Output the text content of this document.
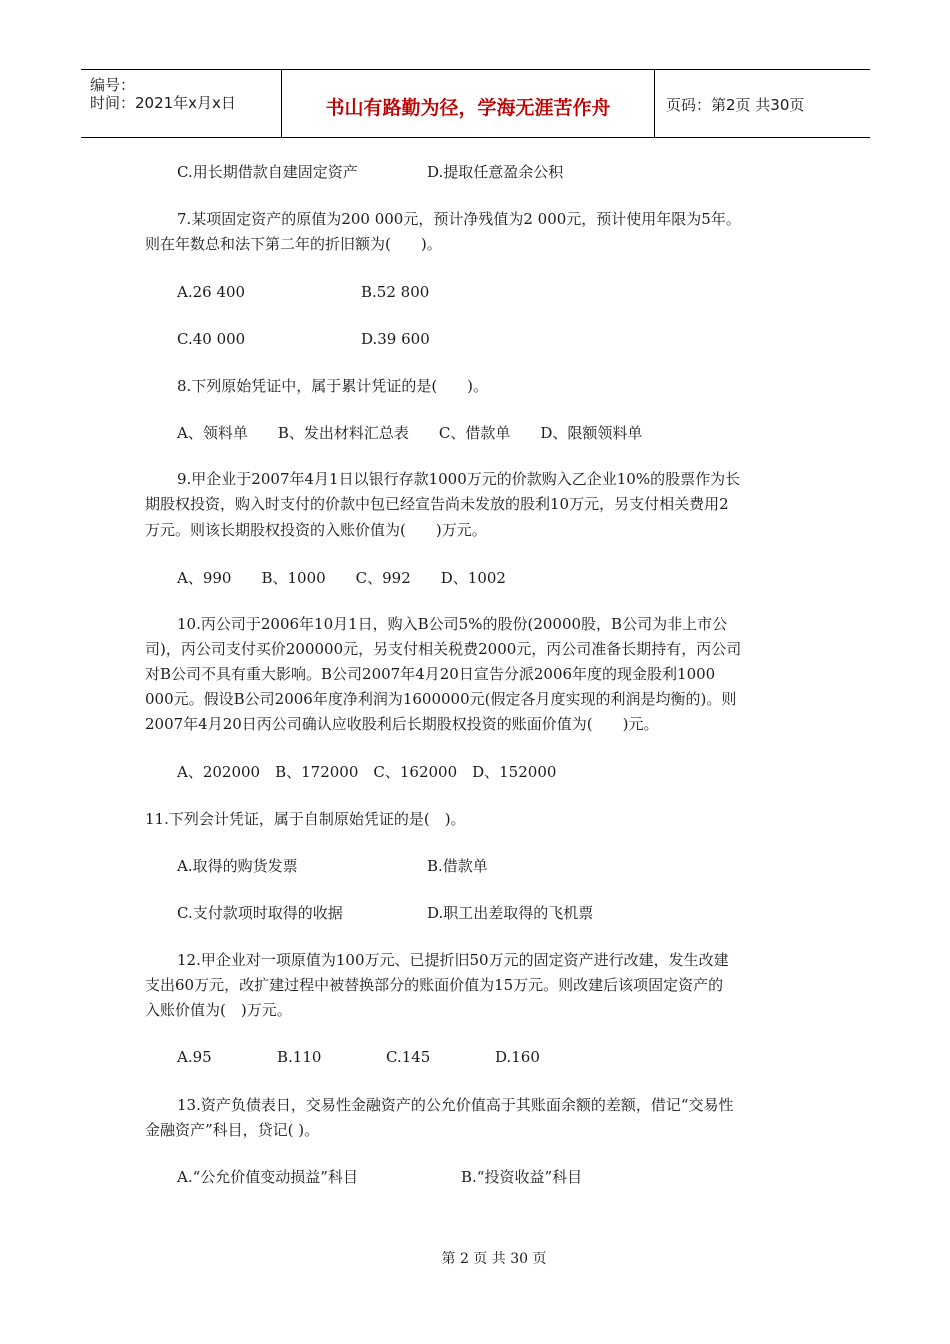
编号：
时间：2021年x月x日	书山有路勤为径，学海无涯苦作舟	页码：第2页 共30页
C.用长期借款自建固定资产	D.提取任意盈余公积
7.某项固定资产的原值为200 000元，预计净残值为2 000元，预计使用年限为5年。
则在年数总和法下第二年的折旧额为(　　)。
A.26 400	B.52 800
C.40 000	D.39 600
8.下列原始凭证中，属于累计凭证的是(　　)。
A、领料单　　B、发出材料汇总表　　C、借款单　　D、限额领料单
9.甲企业于2007年4月1日以银行存款1000万元的价款购入乙企业10%的股票作为长
期股权投资，购入时支付的价款中包已经宣告尚未发放的股利10万元，另支付相关费用2
万元。则该长期股权投资的入账价值为(　　)万元。
A、990　　B、1000　　C、992　　D、1002
10.丙公司于2006年10月1日，购入B公司5%的股份(20000股，B公司为非上市公
司)，丙公司支付买价200000元，另支付相关税费2000元，丙公司准备长期持有，丙公司
对B公司不具有重大影响。B公司2007年4月20日宣告分派2006年度的现金股利1000
000元。假设B公司2006年度净利润为1600000元(假定各月度实现的利润是均衡的)。则
2007年4月20日丙公司确认应收股利后长期股权投资的账面价值为(　　)元。
A、202000　B、172000　C、162000　D、152000
11.下列会计凭证，属于自制原始凭证的是(　)。
A.取得的购货发票	B.借款单
C.支付款项时取得的收据	D.职工出差取得的飞机票
12.甲企业对一项原值为100万元、已提折旧50万元的固定资产进行改建，发生改建
支出60万元，改扩建过程中被替换部分的账面价值为15万元。则改建后该项固定资产的
入账价值为(　)万元。
A.95	B.110	C.145	D.160
13.资产负债表日，交易性金融资产的公允价值高于其账面余额的差额，借记“交易性
金融资产”科目，贷记( )。
A.“公允价值变动损益”科目	B.“投资收益”科目
第 2 页 共 30 页
